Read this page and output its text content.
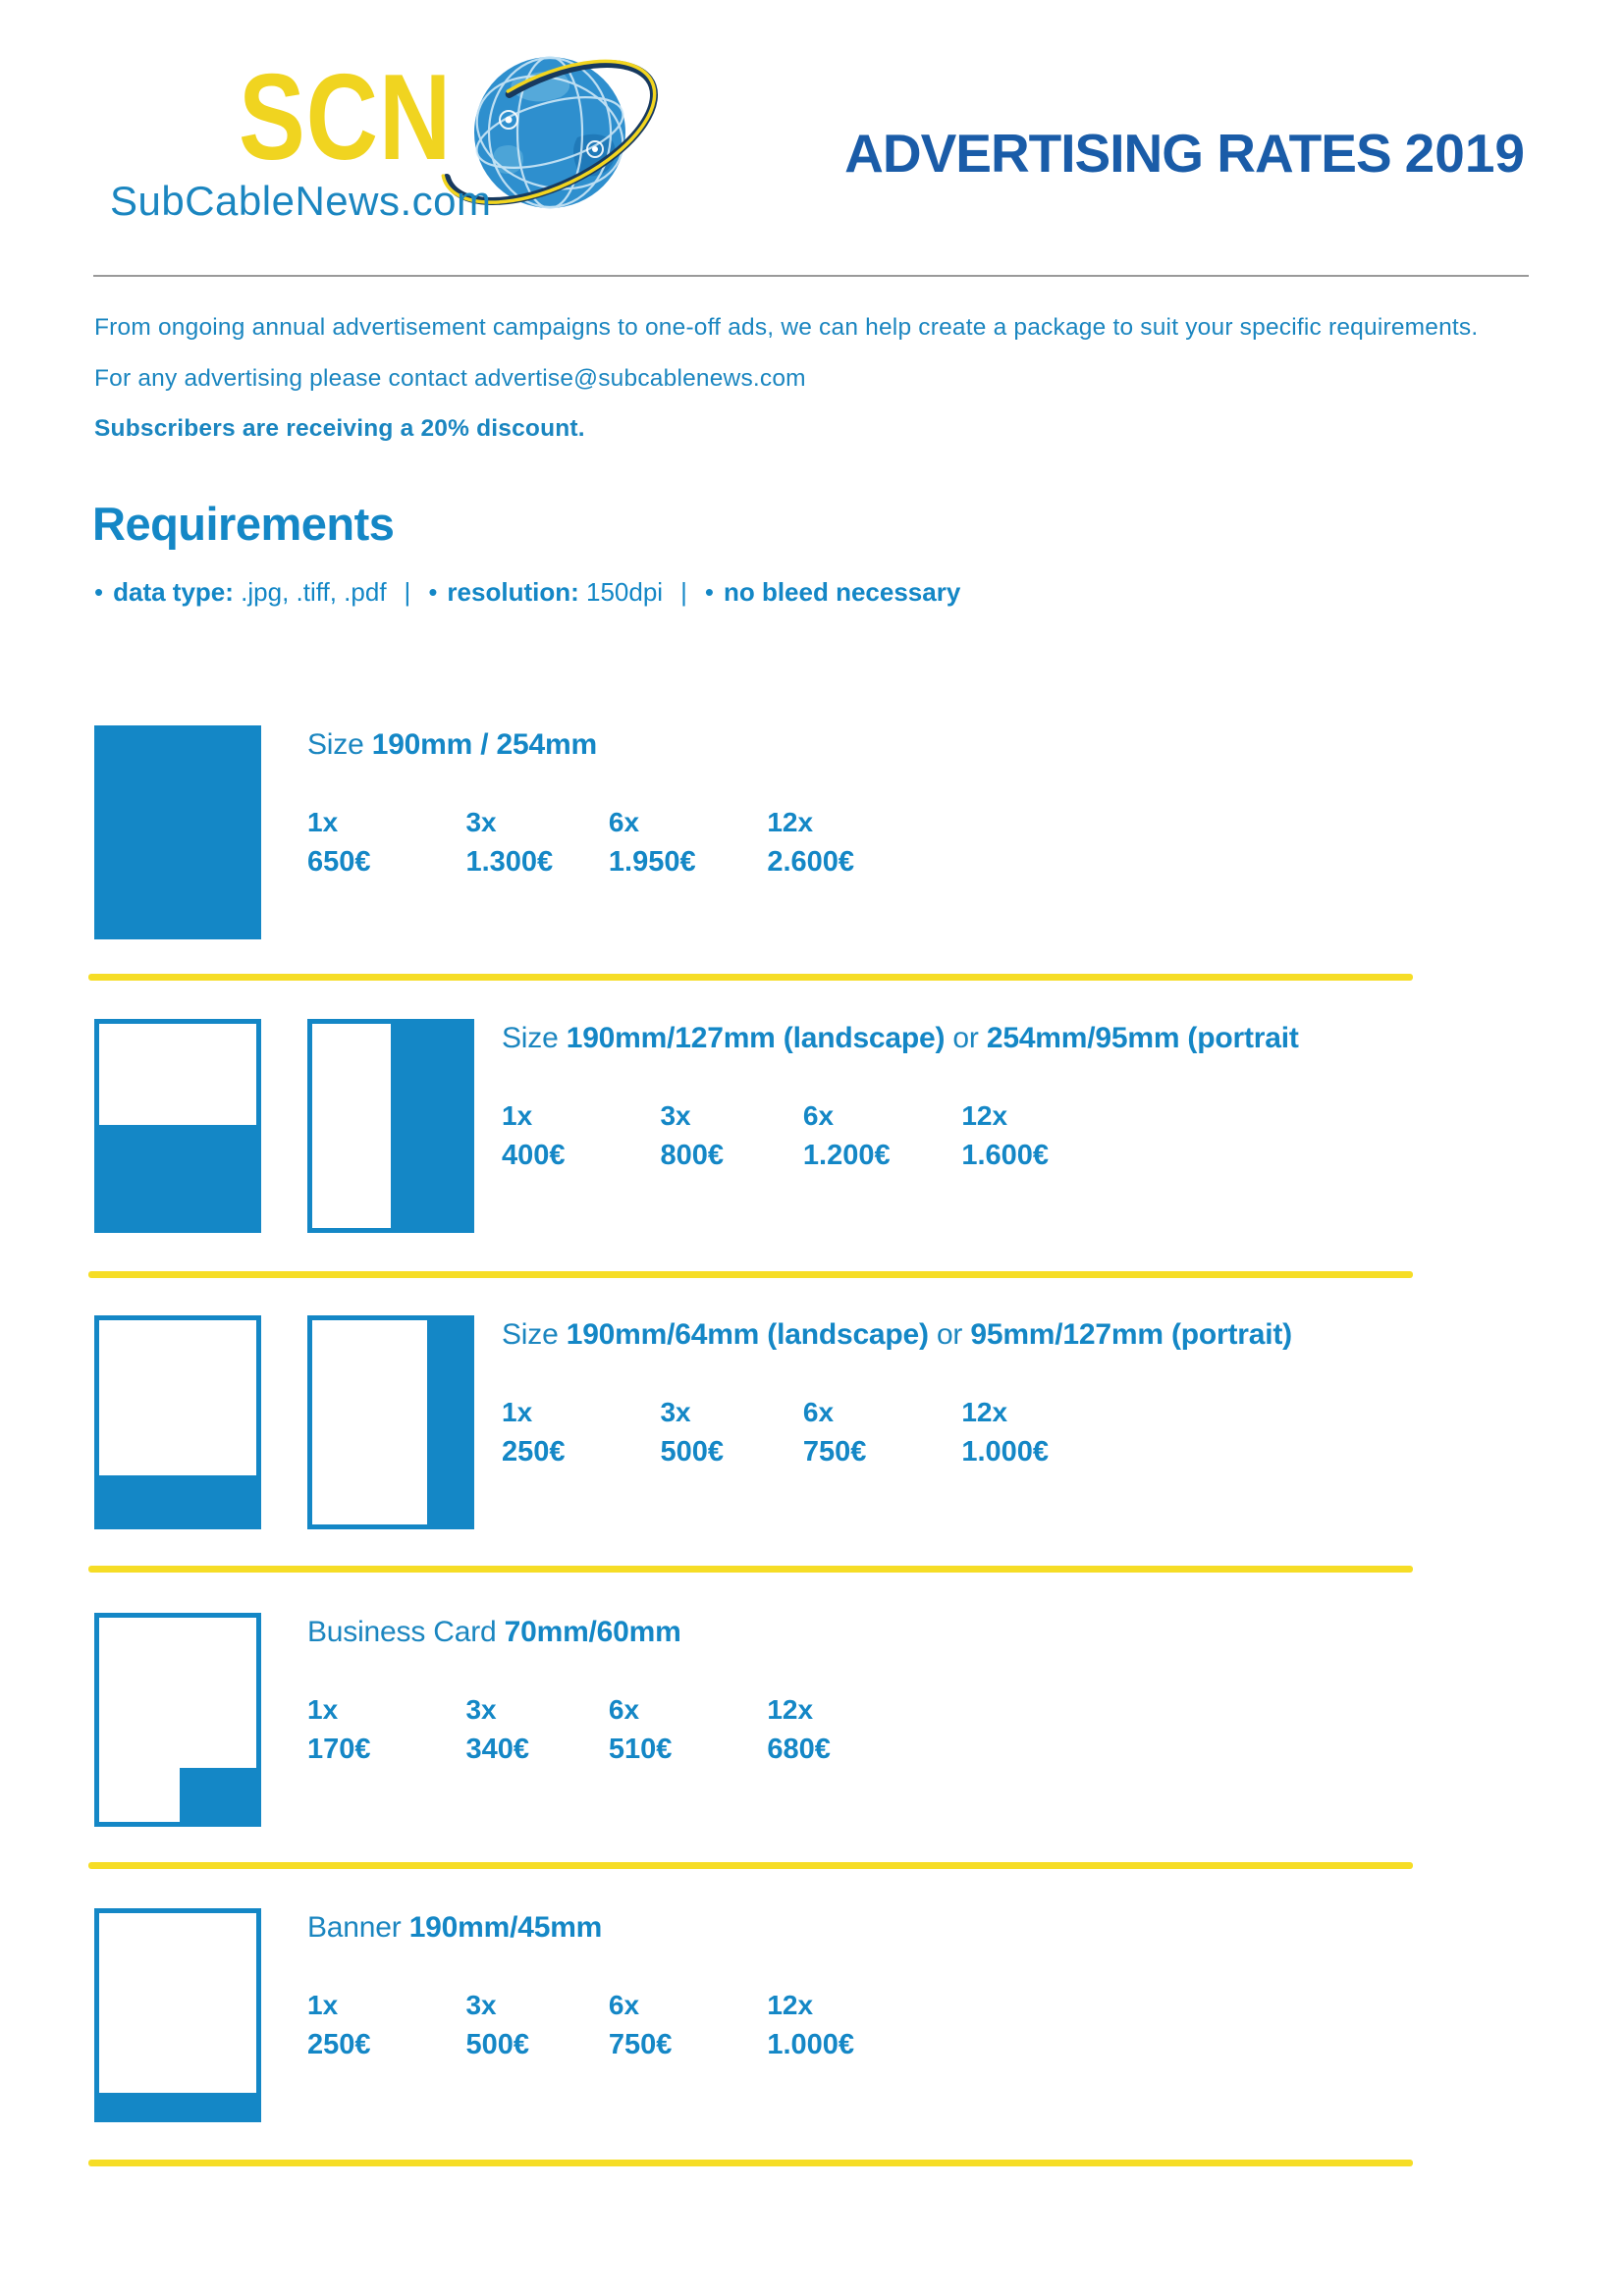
SCN
SubCableNews.com
ADVERTISING RATES 2019

From ongoing annual advertisement campaigns to one-off ads, we can help create a package to suit your specific requirements.

For any advertising please contact advertise@subcablenews.com

Subscribers are receiving a 20% discount.

Requirements
• data type: .jpg, .tiff, .pdf | • resolution: 150dpi | • no bleed necessary
Size 190mm / 254mm
1x
650€

3x
1.300€

6x
1.950€

12x
2.600€
Size 190mm/127mm (landscape) or 254mm/95mm (portrait
1x
400€

3x
800€

6x
1.200€

12x
1.600€
Size 190mm/64mm (landscape) or 95mm/127mm (portrait)
1x
250€

3x
500€

6x
750€

12x
1.000€
Business Card 70mm/60mm
1x
170€

3x
340€

6x
510€

12x
680€
Banner 190mm/45mm
1x
250€

3x
500€

6x
750€

12x
1.000€
